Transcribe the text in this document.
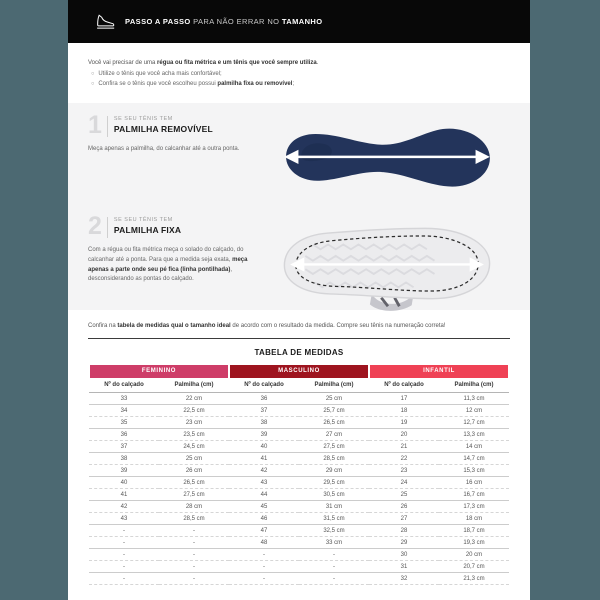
PASSO A PASSO PARA NÃO ERRAR NO TAMANHO
Você vai precisar de uma régua ou fita métrica e um tênis que você sempre utiliza.
○ Utilize o tênis que você acha mais confortável;
○ Confira se o tênis que você escolheu possui palmilha fixa ou removível;
1 SE SEU TÊNIS TEM
PALMILHA REMOVÍVEL
Meça apenas a palmilha, do calcanhar até a outra ponta.
2 SE SEU TÊNIS TEM
PALMILHA FIXA
Com a régua ou fita métrica meça o solado do calçado, do calcanhar até a ponta. Para que a medida seja exata, meça apenas a parte onde seu pé fica (linha pontilhada), desconsiderando as pontas do calçado.
Confira na tabela de medidas qual o tamanho ideal de acordo com o resultado da medida. Compre seu tênis na numeração correta!
TABELA DE MEDIDAS
FEMININO		MASCULINO		INFANTIL	
Nº do calçado	Palmilha (cm)	Nº do calçado	Palmilha (cm)	Nº do calçado	Palmilha (cm)
33	22 cm	36	25 cm	17	11,3 cm
34	22,5 cm	37	25,7 cm	18	12 cm
35	23 cm	38	26,5 cm	19	12,7 cm
36	23,5 cm	39	27 cm	20	13,3 cm
37	24,5 cm	40	27,5 cm	21	14 cm
38	25 cm	41	28,5 cm	22	14,7 cm
39	26 cm	42	29 cm	23	15,3 cm
40	26,5 cm	43	29,5 cm	24	16 cm
41	27,5 cm	44	30,5 cm	25	16,7 cm
42	28 cm	45	31 cm	26	17,3 cm
43	28,5 cm	46	31,5 cm	27	18 cm
-	-	47	32,5 cm	28	18,7 cm
-	-	48	33 cm	29	19,3 cm
-	-	-	-	30	20 cm
-	-	-	-	31	20,7 cm
-	-	-	-	32	21,3 cm
